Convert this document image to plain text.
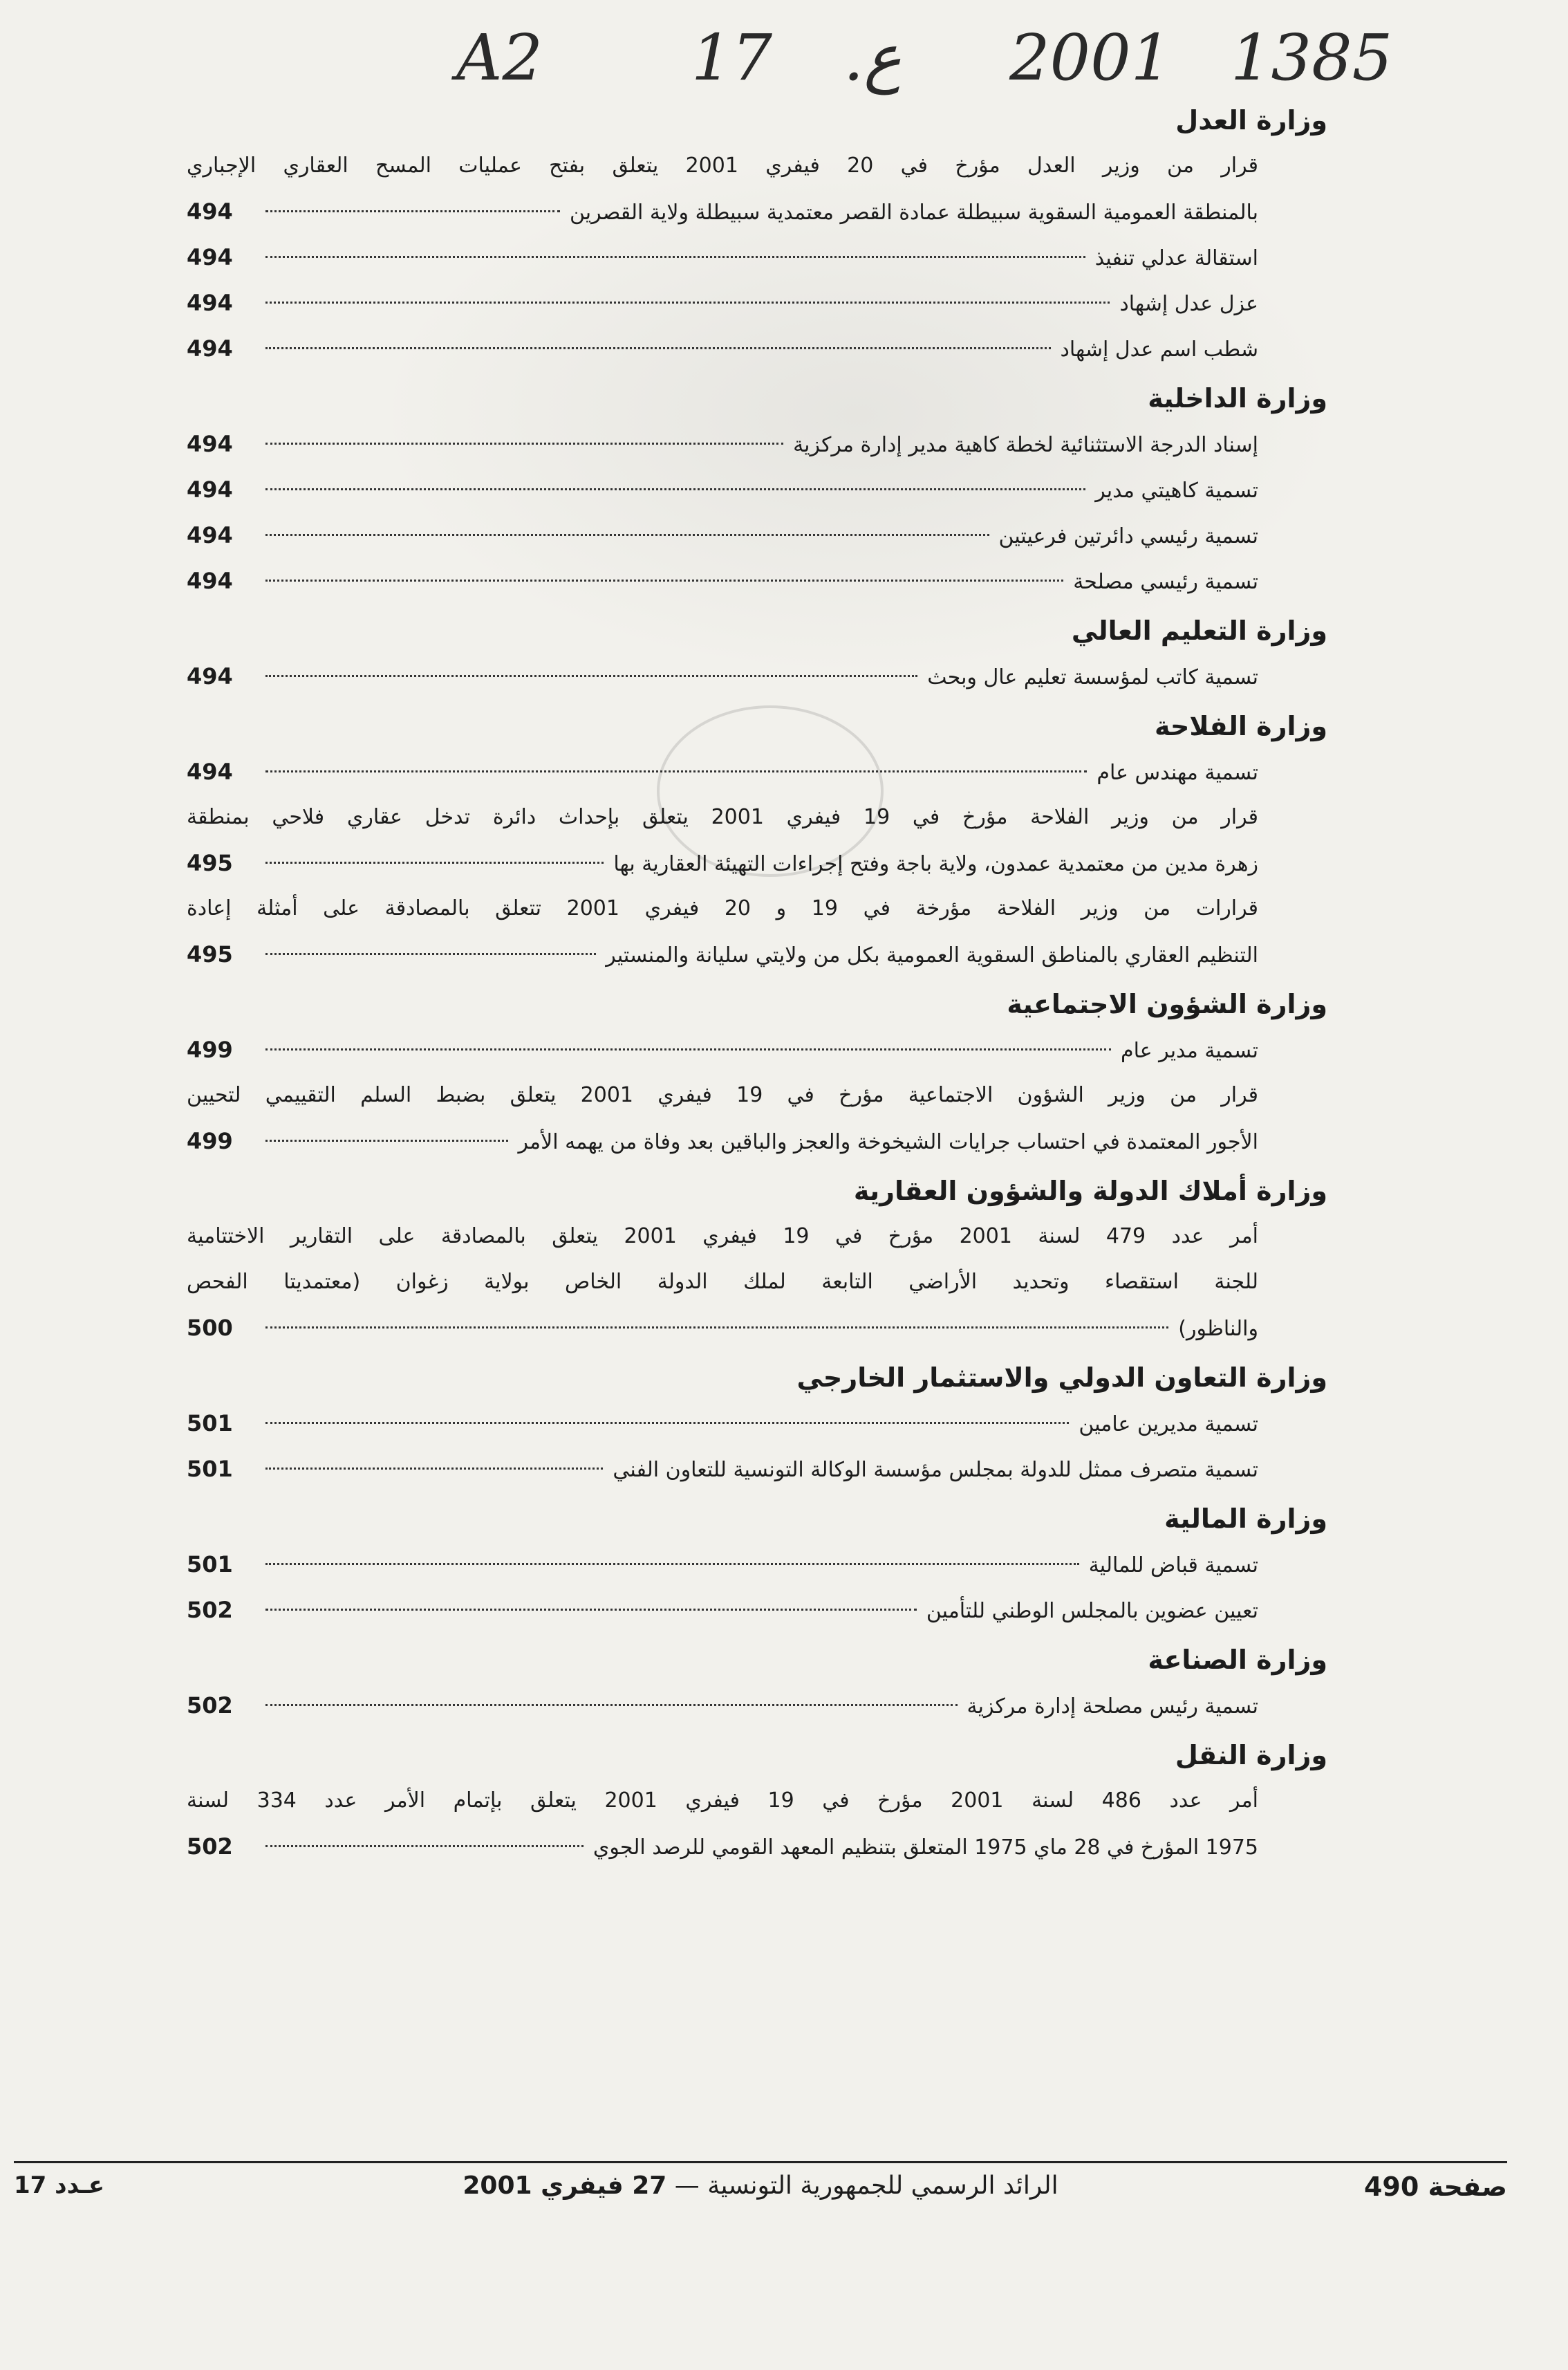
A2 17 .ع 2001 1385
وزارة العدل
قرار من وزير العدل مؤرخ في 20 فيفري 2001 يتعلق بفتح عمليات المسح العقاري الإجباري
بالمنطقة العمومية السقوية سبيطلة عمادة القصر معتمدية سبيطلة ولاية القصرين
494
استقالة عدلي تنفيذ
494
عزل عدل إشهاد
494
شطب اسم عدل إشهاد
494
وزارة الداخلية
إسناد الدرجة الاستثنائية لخطة كاهية مدير إدارة مركزية
494
تسمية كاهيتي مدير
494
تسمية رئيسي دائرتين فرعيتين
494
تسمية رئيسي مصلحة
494
وزارة التعليم العالي
تسمية كاتب لمؤسسة تعليم عال وبحث
494
وزارة الفلاحة
تسمية مهندس عام
494
قرار من وزير الفلاحة مؤرخ في 19 فيفري 2001 يتعلق بإحداث دائرة تدخل عقاري فلاحي بمنطقة
زهرة مدين من معتمدية عمدون، ولاية باجة وفتح إجراءات التهيئة العقارية بها
495
قرارات من وزير الفلاحة مؤرخة في 19 و 20 فيفري 2001 تتعلق بالمصادقة على أمثلة إعادة
التنظيم العقاري بالمناطق السقوية العمومية بكل من ولايتي سليانة والمنستير
495
وزارة الشؤون الاجتماعية
تسمية مدير عام
499
قرار من وزير الشؤون الاجتماعية مؤرخ في 19 فيفري 2001 يتعلق بضبط السلم التقييمي لتحيين
الأجور المعتمدة في احتساب جرايات الشيخوخة والعجز والباقين بعد وفاة من يهمه الأمر
499
وزارة أملاك الدولة والشؤون العقارية
أمر عدد 479 لسنة 2001 مؤرخ في 19 فيفري 2001 يتعلق بالمصادقة على التقارير الاختتامية
للجنة استقصاء وتحديد الأراضي التابعة لملك الدولة الخاص بولاية زغوان (معتمديتا الفحص
والناظور)
500
وزارة التعاون الدولي والاستثمار الخارجي
تسمية مديرين عامين
501
تسمية متصرف ممثل للدولة بمجلس مؤسسة الوكالة التونسية للتعاون الفني
501
وزارة المالية
تسمية قباض للمالية
501
تعيين عضوين بالمجلس الوطني للتأمين
502
وزارة الصناعة
تسمية رئيس مصلحة إدارة مركزية
502
وزارة النقل
أمر عدد 486 لسنة 2001 مؤرخ في 19 فيفري 2001 يتعلق بإتمام الأمر عدد 334 لسنة
1975 المؤرخ في 28 ماي 1975 المتعلق بتنظيم المعهد القومي للرصد الجوي
502
صفحة 490
الرائد الرسمي للجمهورية التونسية — 27 فيفري 2001
عـدد 17
